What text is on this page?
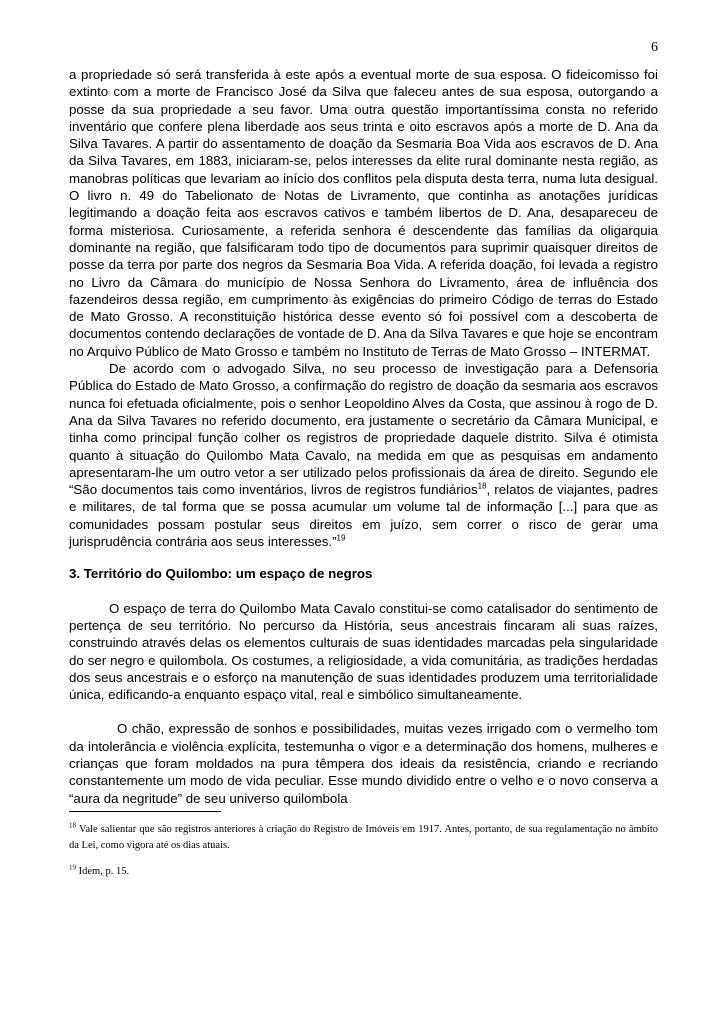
6

a propriedade só será transferida à este após a eventual morte de sua esposa. O fideicomisso foi extinto com a morte de Francisco José da Silva que faleceu antes de sua esposa, outorgando a posse da sua propriedade a seu favor. Uma outra questão importantíssima consta no referido inventário que confere plena liberdade aos seus trinta e oito escravos após a morte de D. Ana da Silva Tavares. A partir do assentamento de doação da Sesmaria Boa Vida aos escravos de D. Ana da Silva Tavares, em 1883, iniciaram-se, pelos interesses da elite rural dominante nesta região, as manobras políticas que levariam ao início dos conflitos pela disputa desta terra, numa luta desigual. O livro n. 49 do Tabelionato de Notas de Livramento, que continha as anotações jurídicas legitimando a doação feita aos escravos cativos e também libertos de D. Ana, desapareceu de forma misteriosa. Curiosamente, a referida senhora é descendente das famílias da oligarquia dominante na região, que falsificaram todo tipo de documentos para suprimir quaisquer direitos de posse da terra por parte dos negros da Sesmaria Boa Vida. A referida doação, foi levada a registro no Livro da Câmara do município de Nossa Senhora do Livramento, área de influência dos fazendeiros dessa região, em cumprimento às exigências do primeiro Código de terras do Estado de Mato Grosso. A reconstituição histórica desse evento só foi possível com a descoberta de documentos contendo declarações de vontade de D. Ana da Silva Tavares e que hoje se encontram no Arquivo Público de Mato Grosso e também no Instituto de Terras de Mato Grosso – INTERMAT.

De acordo com o advogado Silva, no seu processo de investigação para a Defensoria Pública do Estado de Mato Grosso, a confirmação do registro de doação da sesmaria aos escravos nunca foi efetuada oficialmente, pois o senhor Leopoldino Alves da Costa, que assinou à rogo de D. Ana da Silva Tavares no referido documento, era justamente o secretário da Câmara Municipal, e tinha como principal função colher os registros de propriedade daquele distrito. Silva é otimista quanto à situação do Quilombo Mata Cavalo, na medida em que as pesquisas em andamento apresentaram-lhe um outro vetor a ser utilizado pelos profissionais da área de direito. Segundo ele “São documentos tais como inventários, livros de registros fundiários$^{18}$, relatos de viajantes, padres e militares, de tal forma que se possa acumular um volume tal de informação [...] para que as comunidades possam postular seus direitos em juízo, sem correr o risco de gerar uma jurisprudência contrária aos seus interesses.”$^{19}$

3. Território do Quilombo: um espaço de negros

O espaço de terra do Quilombo Mata Cavalo constitui-se como catalisador do sentimento de pertença de seu território. No percurso da História, seus ancestrais fincaram ali suas raízes, construindo através delas os elementos culturais de suas identidades marcadas pela singularidade do ser negro e quilombola. Os costumes, a religiosidade, a vida comunitária, as tradições herdadas dos seus ancestrais e o esforço na manutenção de suas identidades produzem uma territorialidade única, edificando-a enquanto espaço vital, real e simbólico simultaneamente.

O chão, expressão de sonhos e possibilidades, muitas vezes irrigado com o vermelho tom da intolerância e violência explícita, testemunha o vigor e a determinação dos homens, mulheres e crianças que foram moldados na pura têmpera dos ideais da resistência, criando e recriando constantemente um modo de vida peculiar. Esse mundo dividido entre o velho e o novo conserva a “aura da negritude” de seu universo quilombola

$^{18}$ Vale salientar que são registros anteriores à criação do Registro de Imóveis em 1917. Antes, portanto, de sua regulamentação no âmbito da Lei, como vigora até os dias atuais.

$^{19}$ Idem, p. 15.
